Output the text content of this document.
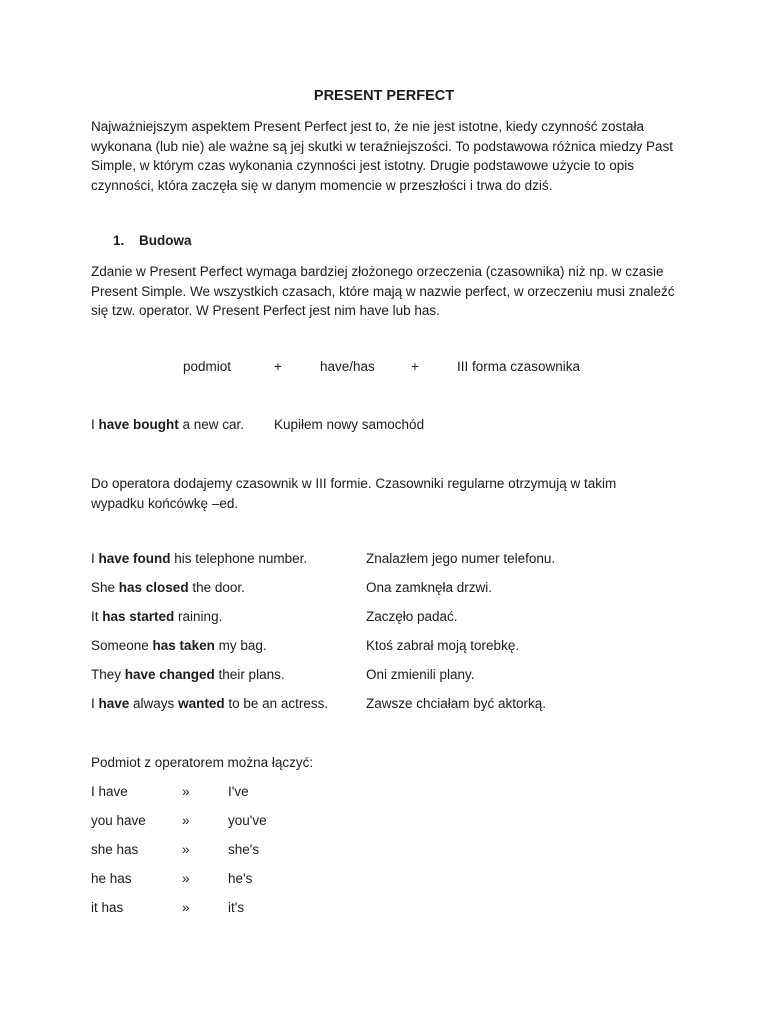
PRESENT PERFECT
Najważniejszym aspektem Present Perfect jest to, że nie jest istotne, kiedy czynność została wykonana (lub nie) ale ważne są jej skutki w teraźniejszości. To podstawowa różnica miedzy Past Simple, w którym czas wykonania czynności jest istotny. Drugie podstawowe użycie to opis czynności, która zaczęła się w danym momencie w przeszłości i trwa do dziś.
1. Budowa
Zdanie w Present Perfect wymaga bardziej złożonego orzeczenia (czasownika) niż np. w czasie Present Simple. We wszystkich czasach, które mają w nazwie perfect, w orzeczeniu musi znaleźć się tzw. operator. W Present Perfect jest nim have lub has.
podmiot	+	have/has	+	III forma czasownika
I have bought a new car. Kupiłem nowy samochód
Do operatora dodajemy czasownik w III formie. Czasowniki regularne otrzymują w takim wypadku końcówkę –ed.
I have found his telephone number.	Znalazłem jego numer telefonu.
She has closed the door.	Ona zamknęła drzwi.
It has started raining.	Zaczęło padać.
Someone has taken my bag.	Ktoś zabrał moją torebkę.
They have changed their plans.	Oni zmienili plany.
I have always wanted to be an actress.	Zawsze chciałam być aktorką.
Podmiot z operatorem można łączyć:
I have	»	I've
you have	»	you've
she has	»	she's
he has	»	he's
it has	»	it's
